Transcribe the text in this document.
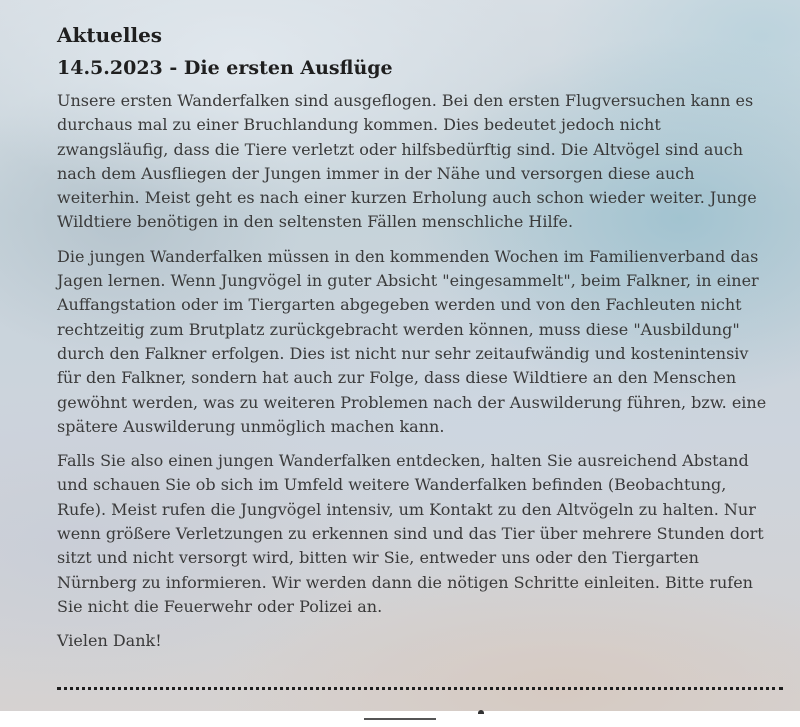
Aktuelles
14.5.2023 - Die ersten Ausflüge

Unsere ersten Wanderfalken sind ausgeflogen. Bei den ersten Flugversuchen kann es durchaus mal zu einer Bruchlandung kommen. Dies bedeutet jedoch nicht zwangsläufig, dass die Tiere verletzt oder hilfsbedürftig sind. Die Altvögel sind auch nach dem Ausfliegen der Jungen immer in der Nähe und versorgen diese auch weiterhin. Meist geht es nach einer kurzen Erholung auch schon wieder weiter. Junge Wildtiere benötigen in den seltensten Fällen menschliche Hilfe.

Die jungen Wanderfalken müssen in den kommenden Wochen im Familienverband das Jagen lernen. Wenn Jungvögel in guter Absicht "eingesammelt", beim Falkner, in einer Auffangstation oder im Tiergarten abgegeben werden und von den Fachleuten nicht rechtzeitig zum Brutplatz zurückgebracht werden können, muss diese "Ausbildung" durch den Falkner erfolgen. Dies ist nicht nur sehr zeitaufwändig und kostenintensiv für den Falkner, sondern hat auch zur Folge, dass diese Wildtiere an den Menschen gewöhnt werden, was zu weiteren Problemen nach der Auswilderung führen, bzw. eine spätere Auswilderung unmöglich machen kann.

Falls Sie also einen jungen Wanderfalken entdecken, halten Sie ausreichend Abstand und schauen Sie ob sich im Umfeld weitere Wanderfalken befinden (Beobachtung, Rufe). Meist rufen die Jungvögel intensiv, um Kontakt zu den Altvögeln zu halten. Nur wenn größere Verletzungen zu erkennen sind und das Tier über mehrere Stunden dort sitzt und nicht versorgt wird, bitten wir Sie, entweder uns oder den Tiergarten Nürnberg zu informieren. Wir werden dann die nötigen Schritte einleiten. Bitte rufen Sie nicht die Feuerwehr oder Polizei an.

Vielen Dank!
